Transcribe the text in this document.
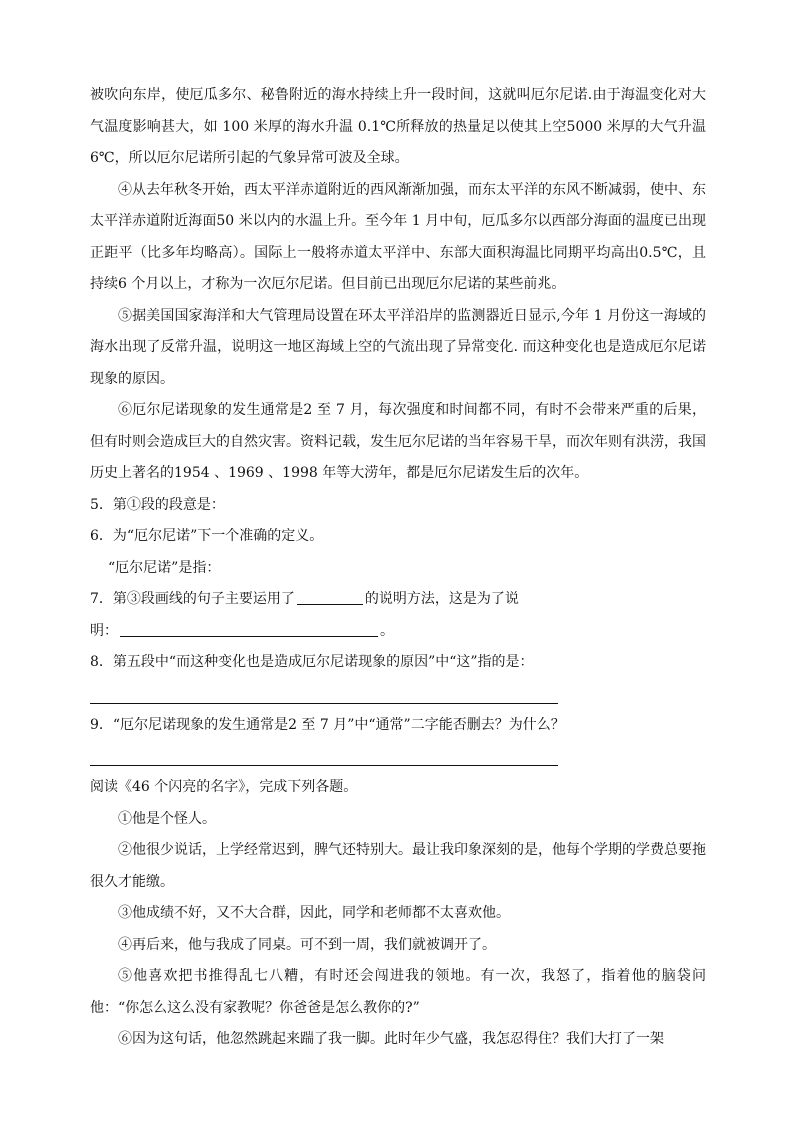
被吹向东岸，使厄瓜多尔、秘鲁附近的海水持续上升一段时间，这就叫厄尔尼诺.由于海温变化对大气温度影响甚大，如 100 米厚的海水升温 0.1℃所释放的热量足以使其上空5000 米厚的大气升温 6℃，所以厄尔尼诺所引起的气象异常可波及全球。

④从去年秋冬开始，西太平洋赤道附近的西风渐渐加强，而东太平洋的东风不断减弱，使中、东太平洋赤道附近海面50 米以内的水温上升。至今年 1 月中旬，厄瓜多尔以西部分海面的温度已出现正距平（比多年均略高）。国际上一般将赤道太平洋中、东部大面积海温比同期平均高出0.5℃，且持续6 个月以上，才称为一次厄尔尼诺。但目前已出现厄尔尼诺的某些前兆。

⑤据美国国家海洋和大气管理局设置在环太平洋沿岸的监测器近日显示,今年 1 月份这一海域的海水出现了反常升温，说明这一地区海域上空的气流出现了异常变化. 而这种变化也是造成厄尔尼诺现象的原因。

⑥厄尔尼诺现象的发生通常是2 至 7 月，每次强度和时间都不同，有时不会带来严重的后果，但有时则会造成巨大的自然灾害。资料记载，发生厄尔尼诺的当年容易干旱，而次年则有洪涝，我国历史上著名的1954 、1969 、1998 年等大涝年，都是厄尔尼诺发生后的次年。

5．第①段的段意是：

6．为“厄尔尼诺”下一个准确的定义。

“厄尔尼诺”是指：

7．第③段画线的句子主要运用了	的说明方法，这是为了说

明：	。

8．第五段中“而这种变化也是造成厄尔尼诺现象的原因”中“这”指的是：

9．“厄尔尼诺现象的发生通常是2 至 7 月”中“通常”二字能否删去？为什么？

阅读《46 个闪亮的名字》，完成下列各题。

①他是个怪人。

②他很少说话，上学经常迟到，脾气还特别大。最让我印象深刻的是，他每个学期的学费总要拖很久才能缴。

③他成绩不好，又不大合群，因此，同学和老师都不太喜欢他。

④再后来，他与我成了同桌。可不到一周，我们就被调开了。

⑤他喜欢把书推得乱七八糟，有时还会闯进我的领地。有一次，我怒了，指着他的脑袋问他：“你怎么这么没有家教呢？你爸爸是怎么教你的?”

⑥因为这句话，他忽然跳起来踹了我一脚。此时年少气盛，我怎忍得住？我们大打了一架
